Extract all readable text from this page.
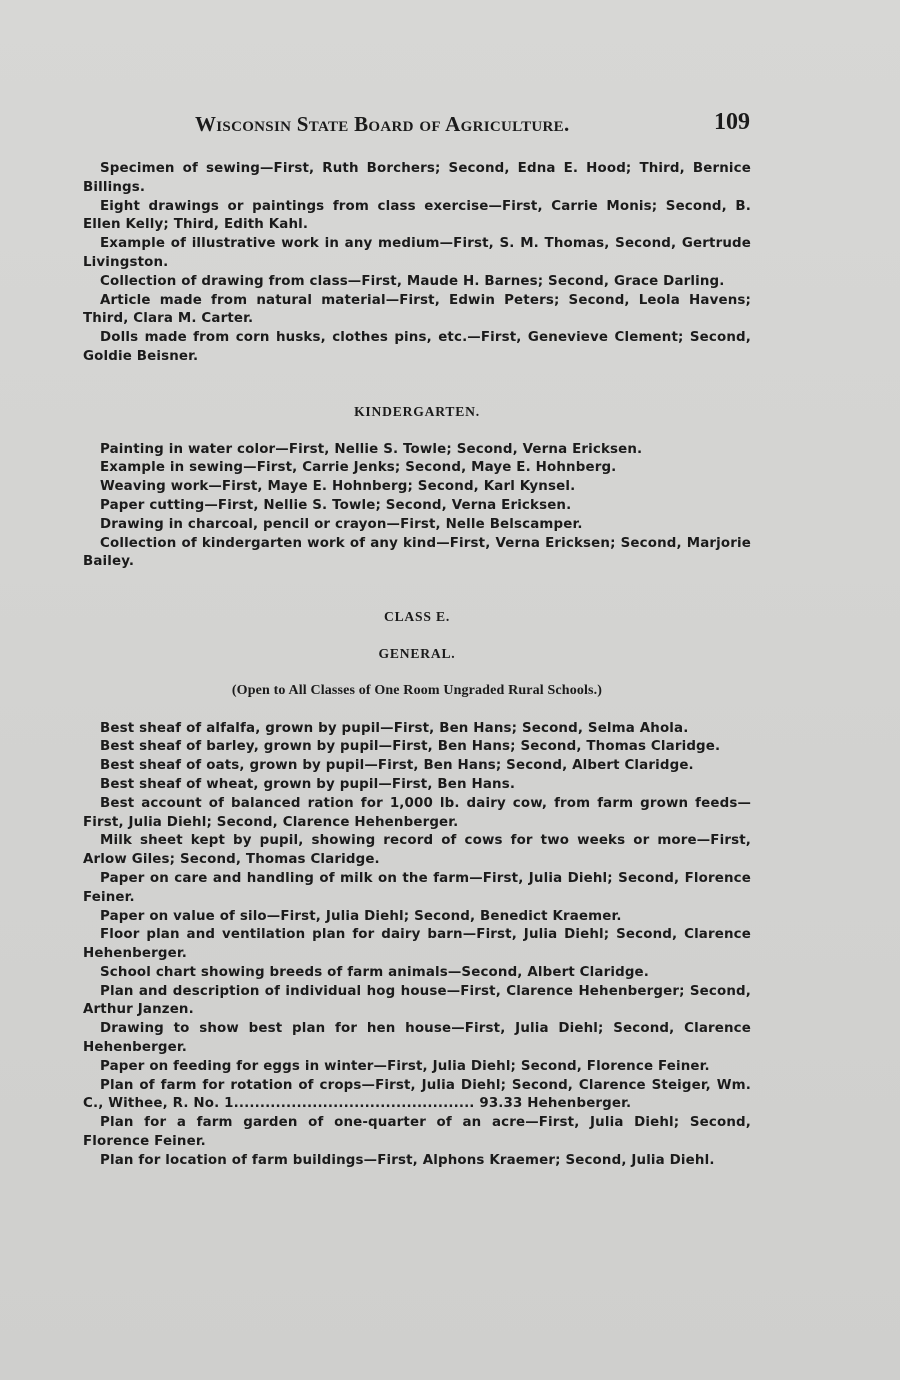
Wisconsin State Board of Agriculture.	109

Specimen of sewing—First, Ruth Borchers; Second, Edna E. Hood; Third, Bernice Billings.

Eight drawings or paintings from class exercise—First, Carrie Monis; Second, B. Ellen Kelly; Third, Edith Kahl.

Example of illustrative work in any medium—First, S. M. Thomas, Second, Gertrude Livingston.

Collection of drawing from class—First, Maude H. Barnes; Second, Grace Darling.

Article made from natural material—First, Edwin Peters; Second, Leola Havens; Third, Clara M. Carter.

Dolls made from corn husks, clothes pins, etc.—First, Genevieve Clement; Second, Goldie Beisner.

KINDERGARTEN.

Painting in water color—First, Nellie S. Towle; Second, Verna Ericksen.

Example in sewing—First, Carrie Jenks; Second, Maye E. Hohnberg.

Weaving work—First, Maye E. Hohnberg; Second, Karl Kynsel.

Paper cutting—First, Nellie S. Towle; Second, Verna Ericksen.

Drawing in charcoal, pencil or crayon—First, Nelle Belscamper.

Collection of kindergarten work of any kind—First, Verna Ericksen; Second, Marjorie Bailey.

CLASS E.

GENERAL.

(Open to All Classes of One Room Ungraded Rural Schools.)

Best sheaf of alfalfa, grown by pupil—First, Ben Hans; Second, Selma Ahola.

Best sheaf of barley, grown by pupil—First, Ben Hans; Second, Thomas Claridge.

Best sheaf of oats, grown by pupil—First, Ben Hans; Second, Albert Claridge.

Best sheaf of wheat, grown by pupil—First, Ben Hans.

Best account of balanced ration for 1,000 lb. dairy cow, from farm grown feeds—First, Julia Diehl; Second, Clarence Hehenberger.

Milk sheet kept by pupil, showing record of cows for two weeks or more—First, Arlow Giles; Second, Thomas Claridge.

Paper on care and handling of milk on the farm—First, Julia Diehl; Second, Florence Feiner.

Paper on value of silo—First, Julia Diehl; Second, Benedict Kraemer.

Floor plan and ventilation plan for dairy barn—First, Julia Diehl; Second, Clarence Hehenberger.

School chart showing breeds of farm animals—Second, Albert Claridge.

Plan and description of individual hog house—First, Clarence Hehenberger; Second, Arthur Janzen.

Drawing to show best plan for hen house—First, Julia Diehl; Second, Clarence Hehenberger.

Paper on feeding for eggs in winter—First, Julia Diehl; Second, Florence Feiner.

Plan of farm for rotation of crops—First, Julia Diehl; Second, Clarence Steiger, Wm. C., Withee, R. No. 1.............................................. 93.33 Hehenberger.

Plan for a farm garden of one-quarter of an acre—First, Julia Diehl; Second, Florence Feiner.

Plan for location of farm buildings—First, Alphons Kraemer; Second, Julia Diehl.
